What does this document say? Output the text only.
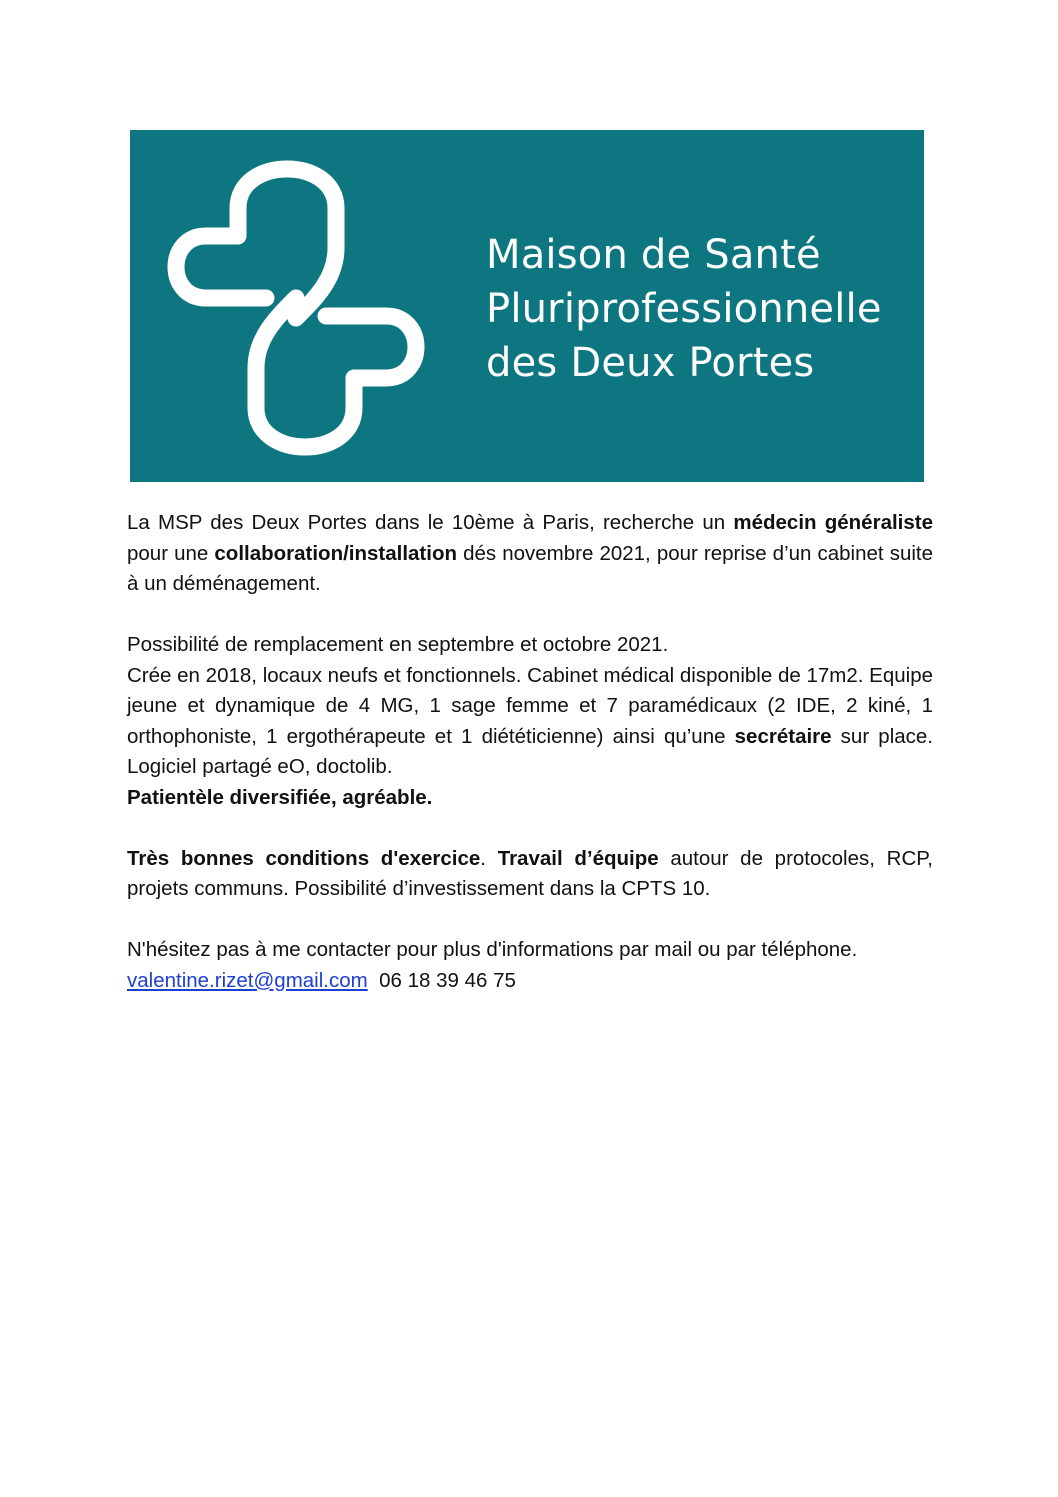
Maison de Santé
Pluriprofessionnelle
des Deux Portes

La MSP des Deux Portes dans le 10ème à Paris, recherche un médecin généraliste pour une collaboration/installation dés novembre 2021, pour reprise d’un cabinet suite à un déménagement.

Possibilité de remplacement en septembre et octobre 2021.

Crée en 2018, locaux neufs et fonctionnels. Cabinet médical disponible de 17m2. Equipe jeune et dynamique de 4 MG, 1 sage femme et 7 paramédicaux (2 IDE, 2 kiné, 1 orthophoniste, 1 ergothérapeute et 1 diététicienne) ainsi qu’une secrétaire sur place. Logiciel partagé eO, doctolib.

Patientèle diversifiée, agréable.

Très bonnes conditions d'exercice. Travail d’équipe autour de protocoles, RCP, projets communs. Possibilité d’investissement dans la CPTS 10.

N'hésitez pas à me contacter pour plus d'informations par mail ou par téléphone.

valentine.rizet@gmail.com 06 18 39 46 75
